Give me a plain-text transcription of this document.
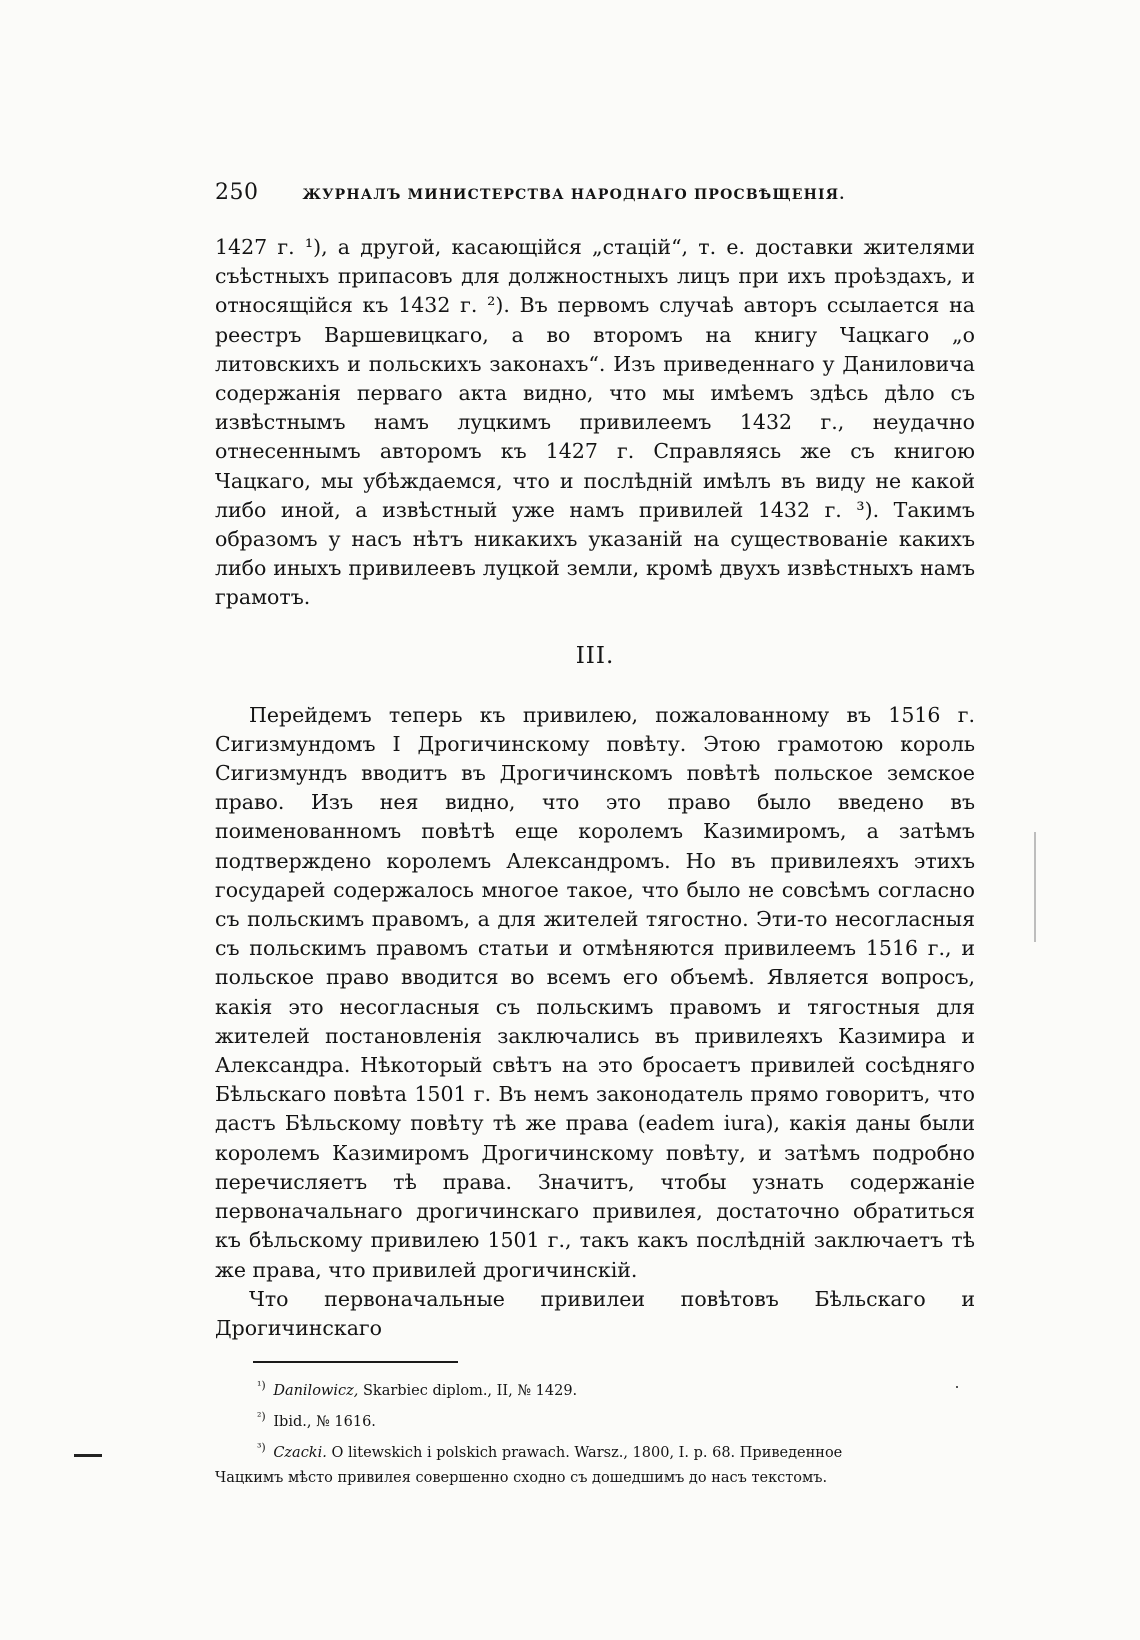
250	ЖУРНАЛЪ МИНИСТЕРСТВА НАРОДНАГО ПРОСВѢЩЕНІЯ.

1427 г. ¹), а другой, касающійся „стацій“, т. е. доставки жителями съѣстныхъ припасовъ для должностныхъ лицъ при ихъ проѣздахъ, и относящійся къ 1432 г. ²). Въ первомъ случаѣ авторъ ссылается на реестръ Варшевицкаго, а во второмъ на книгу Чацкаго „о литовскихъ и польскихъ законахъ“. Изъ приведеннаго у Даниловича содержанія перваго акта видно, что мы имѣемъ здѣсь дѣло съ извѣстнымъ намъ луцкимъ привилеемъ 1432 г., неудачно отнесеннымъ авторомъ къ 1427 г. Справляясь же съ книгою Чацкаго, мы убѣждаемся, что и послѣдній имѣлъ въ виду не какой либо иной, а извѣстный уже намъ привилей 1432 г. ³). Такимъ образомъ у насъ нѣтъ никакихъ указаній на существованіе какихъ либо иныхъ привилеевъ луцкой земли, кромѣ двухъ извѣстныхъ намъ грамотъ.

III.

Перейдемъ теперь къ привилею, пожалованному въ 1516 г. Сигизмундомъ I Дрогичинскому повѣту. Этою грамотою король Сигизмундъ вводитъ въ Дрогичинскомъ повѣтѣ польское земское право. Изъ нея видно, что это право было введено въ поименованномъ повѣтѣ еще королемъ Казимиромъ, а затѣмъ подтверждено королемъ Александромъ. Но въ привилеяхъ этихъ государей содержалось многое такое, что было не совсѣмъ согласно съ польскимъ правомъ, а для жителей тягостно. Эти-то несогласныя съ польскимъ правомъ статьи и отмѣняются привилеемъ 1516 г., и польское право вводится во всемъ его объемѣ. Является вопросъ, какія это несогласныя съ польскимъ правомъ и тягостныя для жителей постановленія заключались въ привилеяхъ Казимира и Александра. Нѣкоторый свѣтъ на это бросаетъ привилей сосѣдняго Бѣльскаго повѣта 1501 г. Въ немъ законодатель прямо говоритъ, что дастъ Бѣльскому повѣту тѣ же права (eadem iura), какія даны были королемъ Казимиромъ Дрогичинскому повѣту, и затѣмъ подробно перечисляетъ тѣ права. Значитъ, чтобы узнать содержаніе первоначальнаго дрогичинскаго привилея, достаточно обратиться къ бѣльскому привилею 1501 г., такъ какъ послѣдній заключаетъ тѣ же права, что привилей дрогичинскій.

Что первоначальные привилеи повѣтовъ Бѣльскаго и Дрогичинскаго

$^{^1)}$ Danilowicz, Skarbiec diplom., II, № 1429.

$^{^2)}$ Ibid., № 1616.

$^{^3)}$ Czacki. O litewskich i polskich prawach. Warsz., 1800, I. p. 68. Приведенное

Чацкимъ мѣсто привилея совершенно сходно съ дошедшимъ до насъ текстомъ.
